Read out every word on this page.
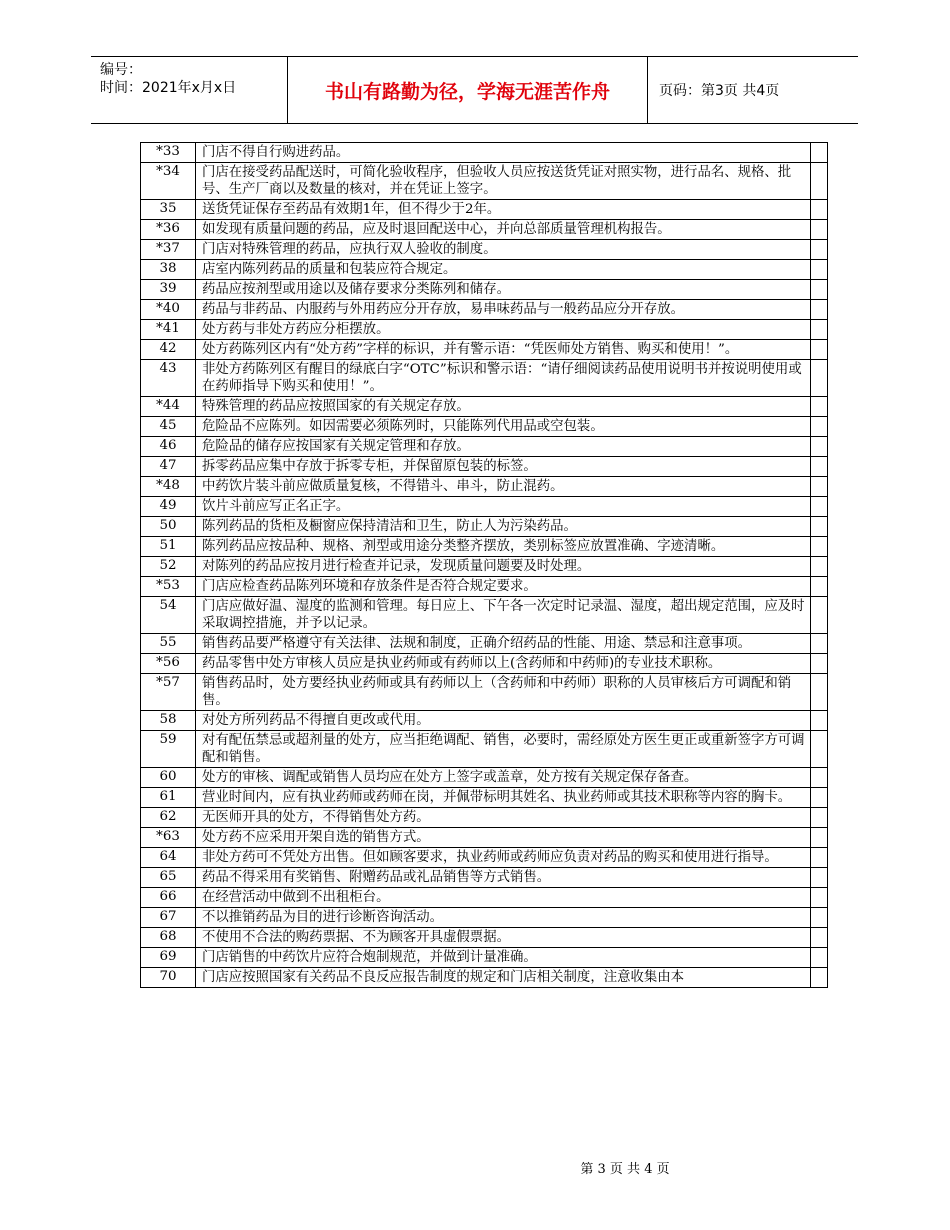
编号：
时间：2021年x月x日	书山有路勤为径，学海无涯苦作舟	页码：第3页 共4页
*33	门店不得自行购进药品。	
*34	门店在接受药品配送时，可简化验收程序，但验收人员应按送货凭证对照实物，进行品名、规格、批号、生产厂商以及数量的核对，并在凭证上签字。	
35	送货凭证保存至药品有效期1年，但不得少于2年。	
*36	如发现有质量问题的药品，应及时退回配送中心，并向总部质量管理机构报告。	
*37	门店对特殊管理的药品，应执行双人验收的制度。	
38	店室内陈列药品的质量和包装应符合规定。	
39	药品应按剂型或用途以及储存要求分类陈列和储存。	
*40	药品与非药品、内服药与外用药应分开存放，易串味药品与一般药品应分开存放。	
*41	处方药与非处方药应分柜摆放。	
42	处方药陈列区内有“处方药”字样的标识，并有警示语：“凭医师处方销售、购买和使用！”。	
43	非处方药陈列区有醒目的绿底白字“OTC”标识和警示语：“请仔细阅读药品使用说明书并按说明使用或在药师指导下购买和使用！”。	
*44	特殊管理的药品应按照国家的有关规定存放。	
45	危险品不应陈列。如因需要必须陈列时，只能陈列代用品或空包装。	
46	危险品的储存应按国家有关规定管理和存放。	
47	拆零药品应集中存放于拆零专柜，并保留原包装的标签。	
*48	中药饮片装斗前应做质量复核，不得错斗、串斗，防止混药。	
49	饮片斗前应写正名正字。	
50	陈列药品的货柜及橱窗应保持清洁和卫生，防止人为污染药品。	
51	陈列药品应按品种、规格、剂型或用途分类整齐摆放，类别标签应放置准确、字迹清晰。	
52	对陈列的药品应按月进行检查并记录，发现质量问题要及时处理。	
*53	门店应检查药品陈列环境和存放条件是否符合规定要求。	
54	门店应做好温、湿度的监测和管理。每日应上、下午各一次定时记录温、湿度，超出规定范围，应及时采取调控措施，并予以记录。	
55	销售药品要严格遵守有关法律、法规和制度，正确介绍药品的性能、用途、禁忌和注意事项。	
*56	药品零售中处方审核人员应是执业药师或有药师以上(含药师和中药师)的专业技术职称。	
*57	销售药品时，处方要经执业药师或具有药师以上（含药师和中药师）职称的人员审核后方可调配和销售。	
58	对处方所列药品不得擅自更改或代用。	
59	对有配伍禁忌或超剂量的处方，应当拒绝调配、销售，必要时，需经原处方医生更正或重新签字方可调配和销售。	
60	处方的审核、调配或销售人员均应在处方上签字或盖章，处方按有关规定保存备查。	
61	营业时间内，应有执业药师或药师在岗，并佩带标明其姓名、执业药师或其技术职称等内容的胸卡。	
62	无医师开具的处方，不得销售处方药。	
*63	处方药不应采用开架自选的销售方式。	
64	非处方药可不凭处方出售。但如顾客要求，执业药师或药师应负责对药品的购买和使用进行指导。	
65	药品不得采用有奖销售、附赠药品或礼品销售等方式销售。	
66	在经营活动中做到不出租柜台。	
67	不以推销药品为目的进行诊断咨询活动。	
68	不使用不合法的购药票据、不为顾客开具虚假票据。	
69	门店销售的中药饮片应符合炮制规范，并做到计量准确。	
70	门店应按照国家有关药品不良反应报告制度的规定和门店相关制度，注意收集由本	
第 3 页 共 4 页
